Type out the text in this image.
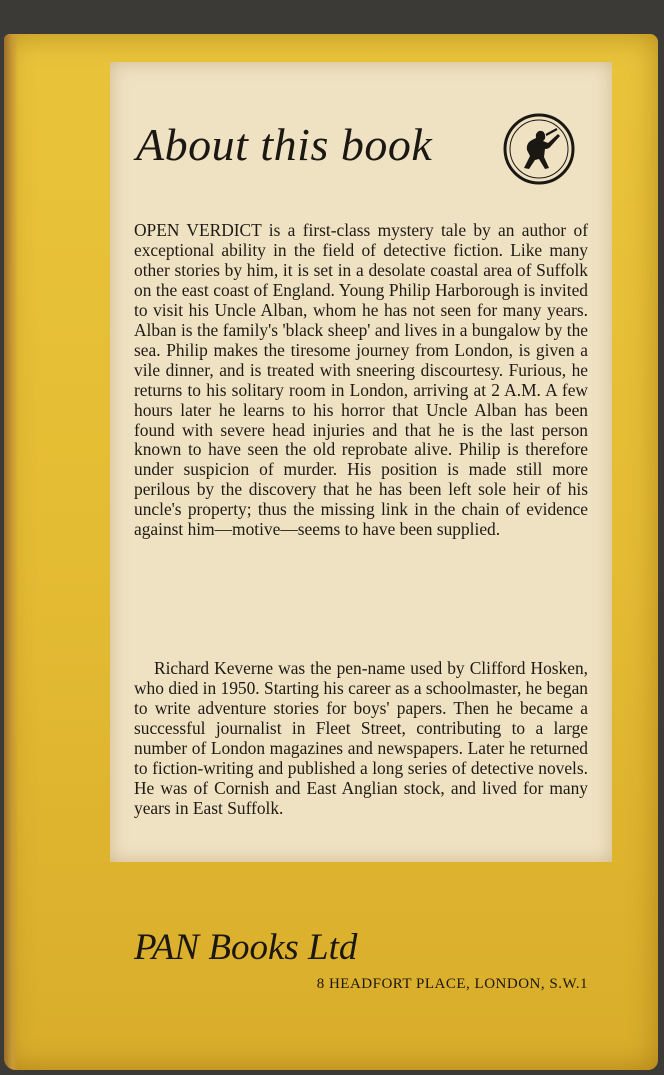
About this book

OPEN VERDICT is a first-class mystery tale by an author of exceptional ability in the field of detective fiction. Like many other stories by him, it is set in a desolate coastal area of Suffolk on the east coast of England. Young Philip Harborough is invited to visit his Uncle Alban, whom he has not seen for many years. Alban is the family's 'black sheep' and lives in a bungalow by the sea. Philip makes the tiresome journey from London, is given a vile dinner, and is treated with sneering discourtesy. Furious, he returns to his solitary room in London, arriving at 2 A.M. A few hours later he learns to his horror that Uncle Alban has been found with severe head injuries and that he is the last person known to have seen the old reprobate alive. Philip is therefore under suspicion of murder. His position is made still more perilous by the discovery that he has been left sole heir of his uncle's property; thus the missing link in the chain of evidence against him—motive—seems to have been supplied.

Richard Keverne was the pen-name used by Clifford Hosken, who died in 1950. Starting his career as a schoolmaster, he began to write adventure stories for boys' papers. Then he became a successful journalist in Fleet Street, contributing to a large number of London magazines and newspapers. Later he returned to fiction-writing and published a long series of detective novels. He was of Cornish and East Anglian stock, and lived for many years in East Suffolk.

PAN Books Ltd
8 HEADFORT PLACE, LONDON, S.W.1
